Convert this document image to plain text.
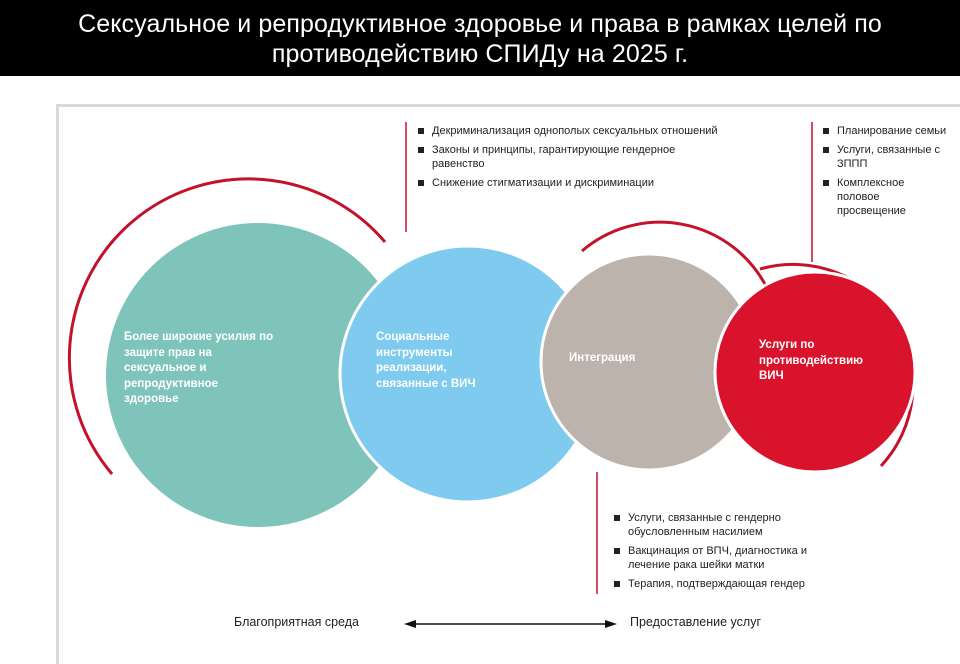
Сексуальное и репродуктивное здоровье и права в рамках целей по
противодействию СПИДу на 2025 г.
Более широкие усилия по защите прав на сексуальное и репродуктивное здоровье
Социальные инструменты реализации, связанные с ВИЧ
Интеграция
Услуги по противодействию ВИЧ
Декриминализация однополых сексуальных отношений
Законы и принципы, гарантирующие гендерное равенство
Снижение стигматизации и дискриминации
Планирование семьи
Услуги, связанные с ЗППП
Комплексное половое просвещение
Услуги, связанные с гендерно обусловленным насилием
Вакцинация от ВПЧ, диагностика и лечение рака шейки матки
Терапия, подтверждающая гендер
Благоприятная среда	Предоставление услуг
